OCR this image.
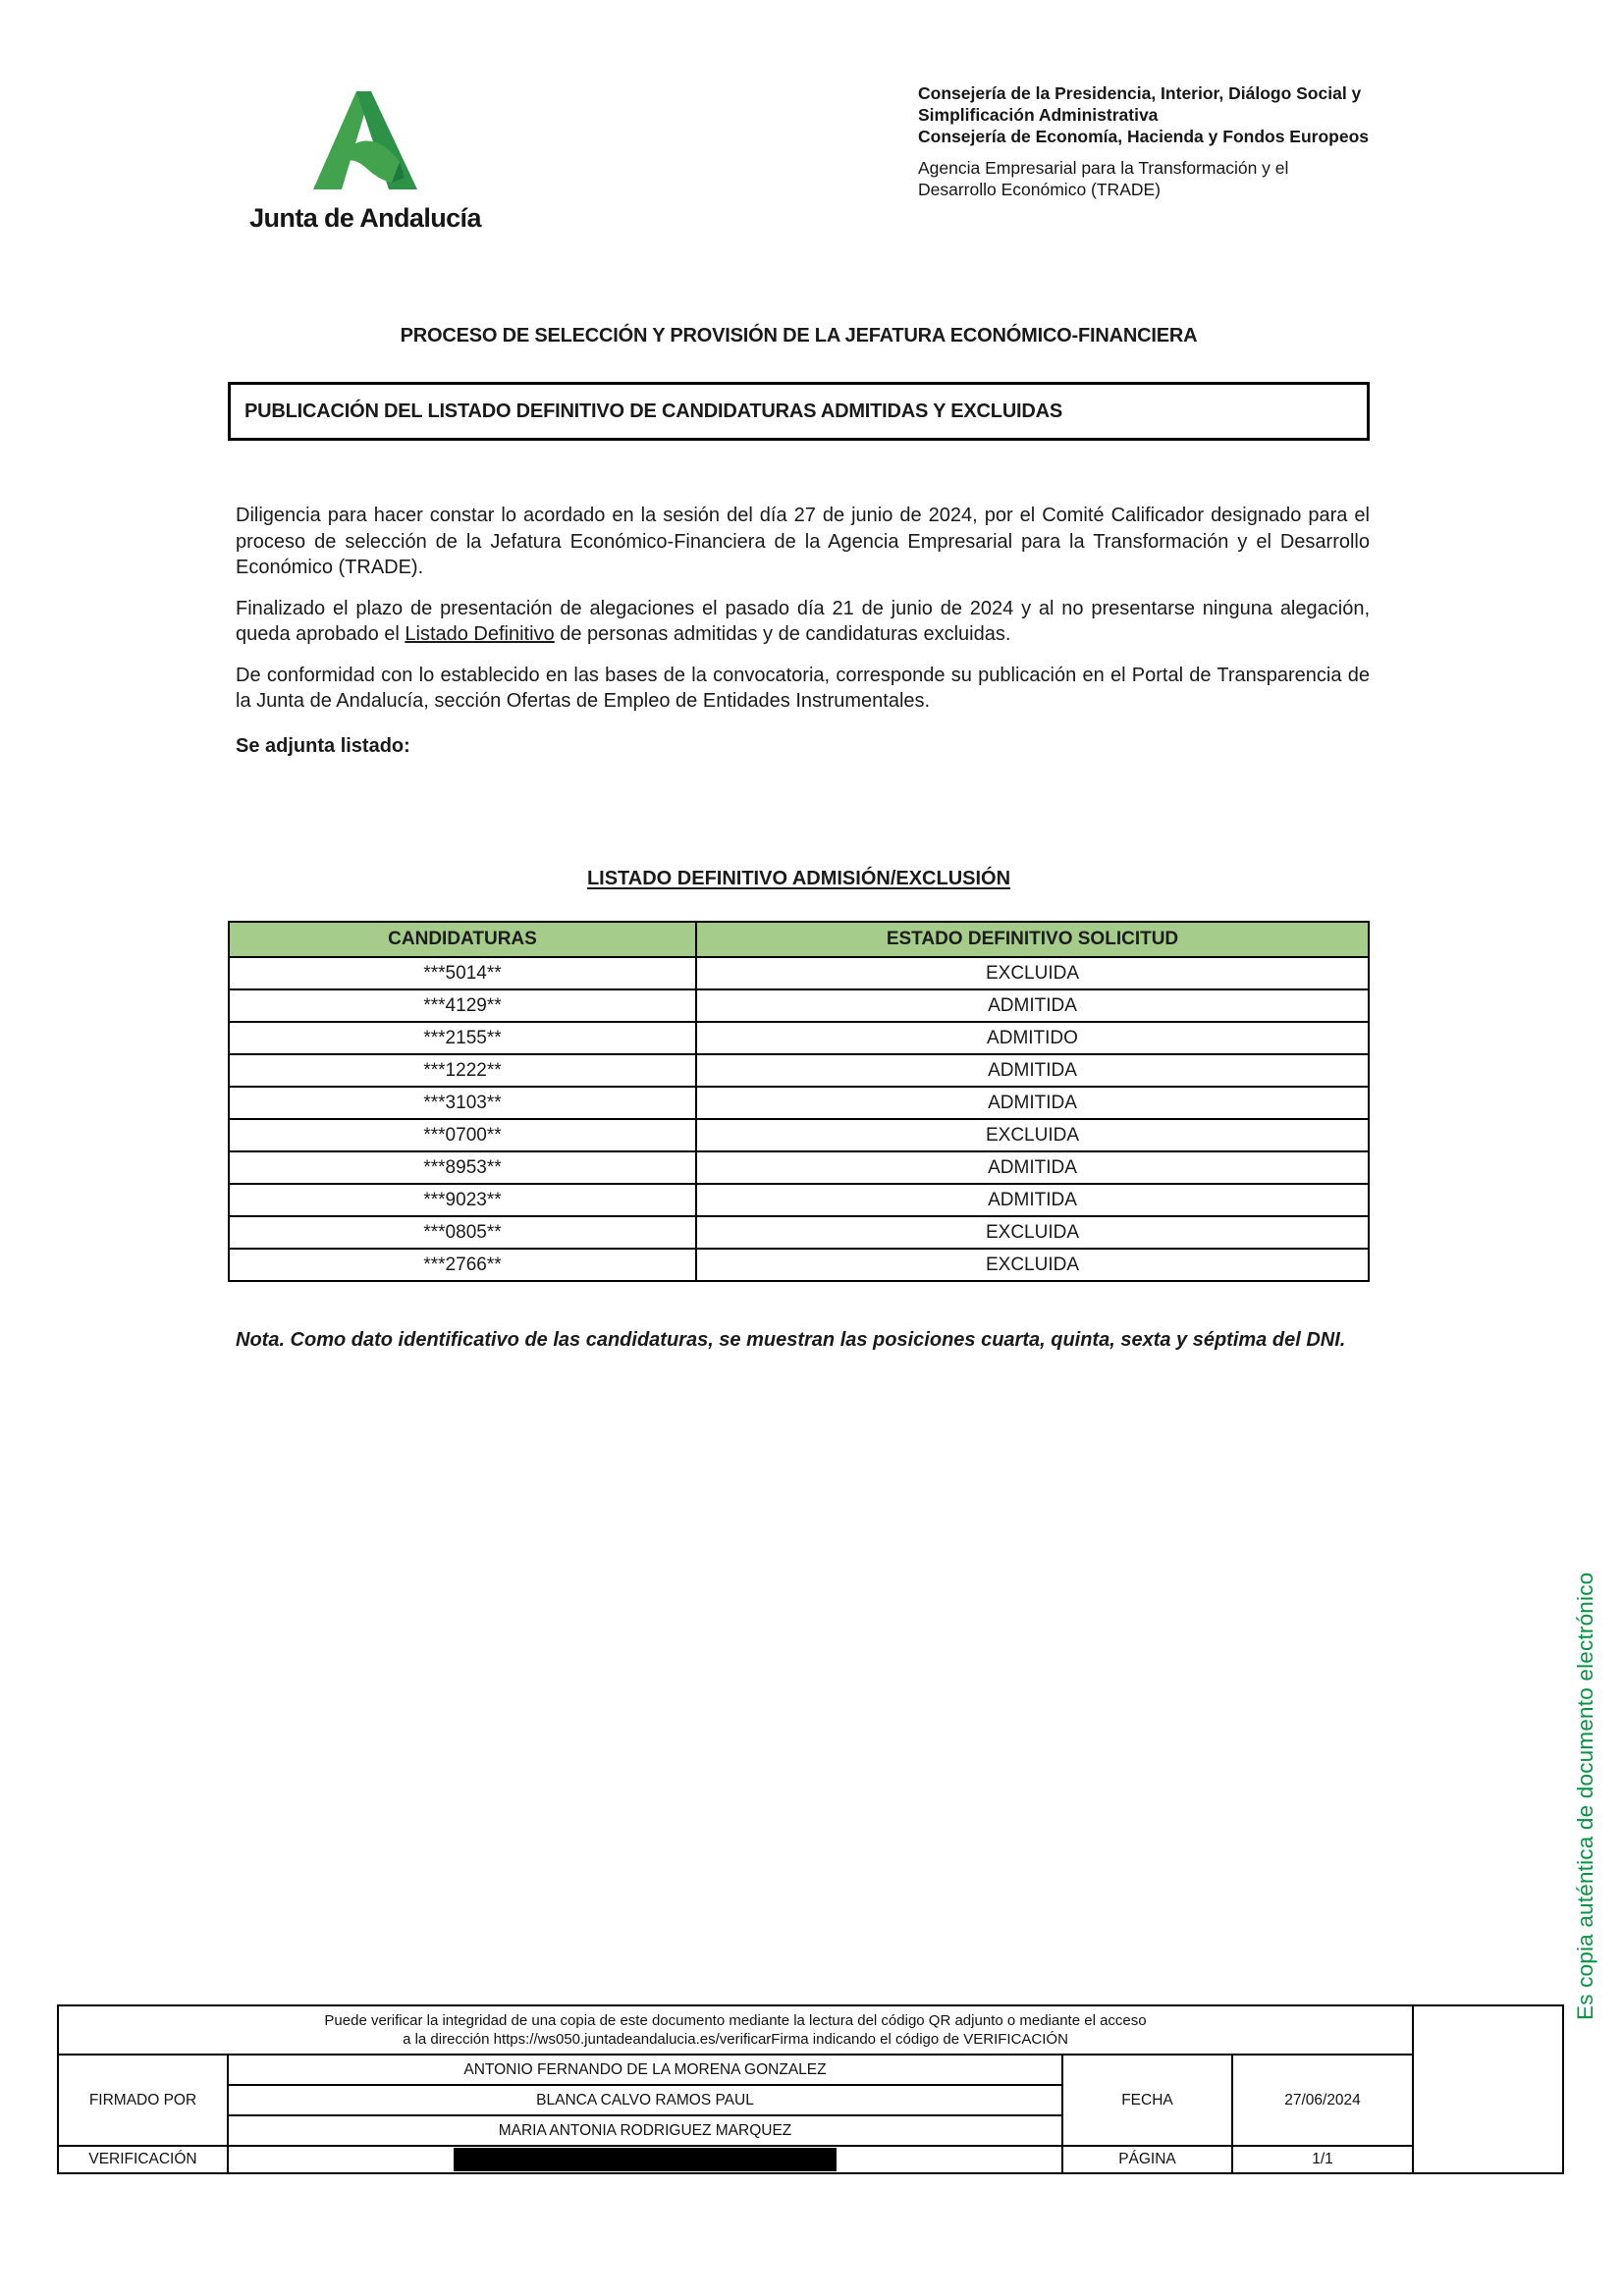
Junta de Andalucía
Consejería de la Presidencia, Interior, Diálogo Social y Simplificación Administrativa
Consejería de Economía, Hacienda y Fondos Europeos
Agencia Empresarial para la Transformación y el Desarrollo Económico (TRADE)
PROCESO DE SELECCIÓN Y PROVISIÓN DE LA JEFATURA ECONÓMICO-FINANCIERA
PUBLICACIÓN DEL LISTADO DEFINITIVO DE CANDIDATURAS ADMITIDAS Y EXCLUIDAS

Diligencia para hacer constar lo acordado en la sesión del día 27 de junio de 2024, por el Comité Calificador designado para el proceso de selección de la Jefatura Económico-Financiera de la Agencia Empresarial para la Transformación y el Desarrollo Económico (TRADE).

Finalizado el plazo de presentación de alegaciones el pasado día 21 de junio de 2024 y al no presentarse ninguna alegación, queda aprobado el Listado Definitivo de personas admitidas y de candidaturas excluidas.

De conformidad con lo establecido en las bases de la convocatoria, corresponde su publicación en el Portal de Transparencia de la Junta de Andalucía, sección Ofertas de Empleo de Entidades Instrumentales.

Se adjunta listado:

LISTADO DEFINITIVO ADMISIÓN/EXCLUSIÓN
CANDIDATURAS	ESTADO DEFINITIVO SOLICITUD
***5014**	EXCLUIDA
***4129**	ADMITIDA
***2155**	ADMITIDO
***1222**	ADMITIDA
***3103**	ADMITIDA
***0700**	EXCLUIDA
***8953**	ADMITIDA
***9023**	ADMITIDA
***0805**	EXCLUIDA
***2766**	EXCLUIDA
Nota. Como dato identificativo de las candidaturas, se muestran las posiciones cuarta, quinta, sexta y séptima del DNI.
Es copia auténtica de documento electrónico
Puede verificar la integridad de una copia de este documento mediante la lectura del código QR adjunto o mediante el acceso
a la dirección https://ws050.juntadeandalucia.es/verificarFirma indicando el código de VERIFICACIÓN				

FIRMADO POR	ANTONIO FERNANDO DE LA MORENA GONZALEZ	FECHA	27/06/2024	
	BLANCA CALVO RAMOS PAUL			
	MARIA ANTONIA RODRIGUEZ MARQUEZ			
VERIFICACIÓN		PÁGINA	1/1	
